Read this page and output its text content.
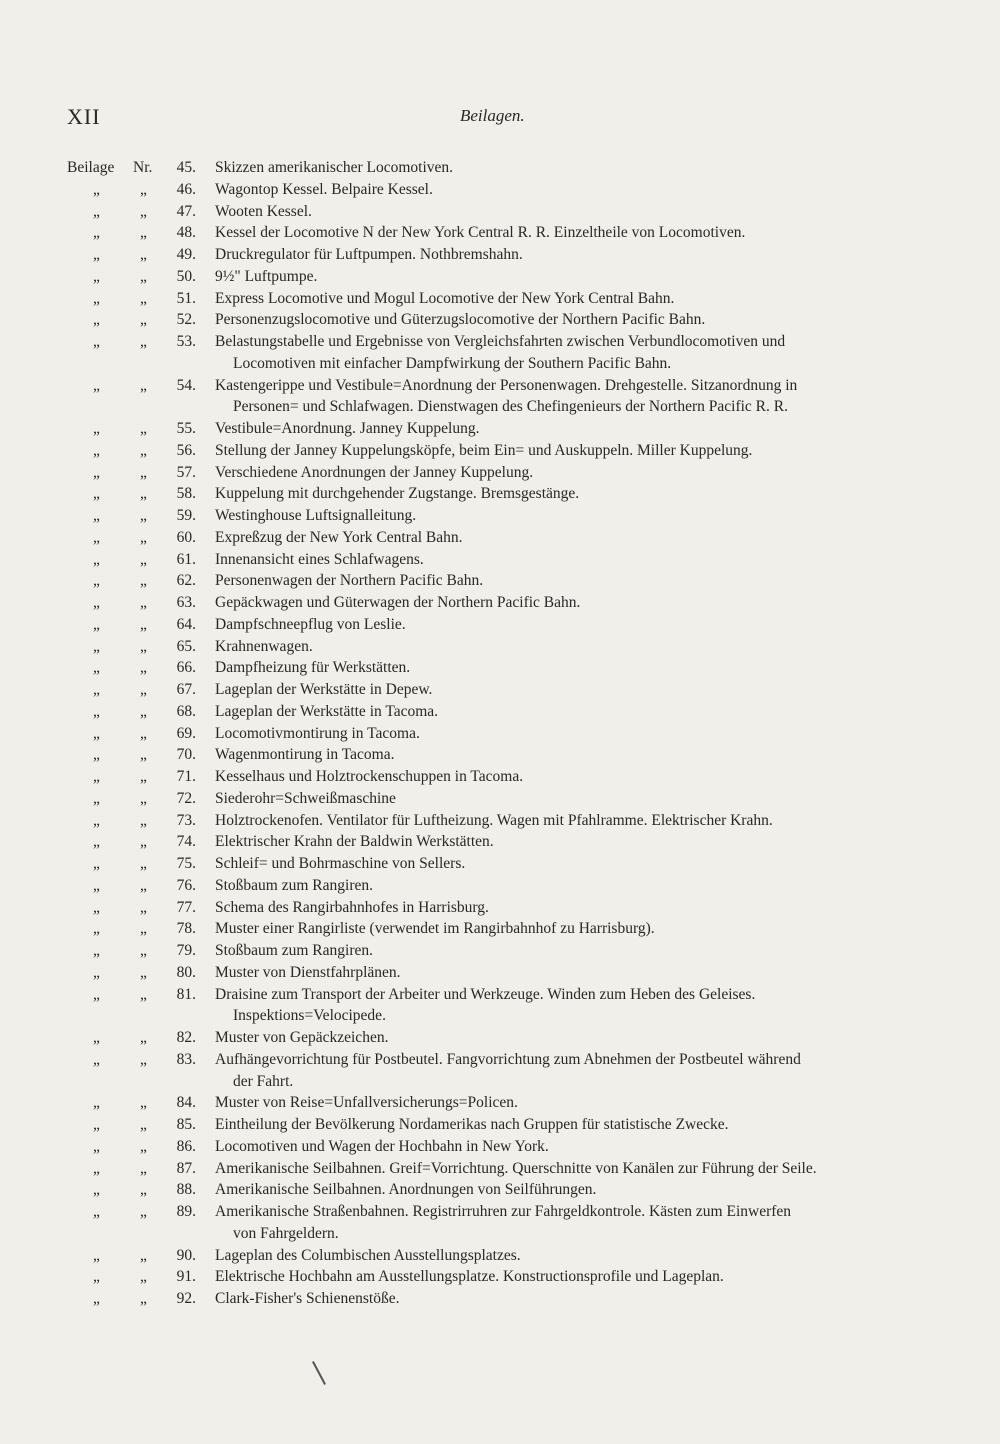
XII	Beilagen.
Beilage Nr.	45. Skizzen amerikanischer Locomotiven.
„	„	46. Wagontop Kessel. Belpaire Kessel.
„	„	47. Wooten Kessel.
„	„	48. Kessel der Locomotive N der New York Central R. R. Einzeltheile von Locomotiven.
„	„	49. Druckregulator für Luftpumpen. Nothbremshahn.
„	„	50. 9½" Luftpumpe.
„	„	51. Express Locomotive und Mogul Locomotive der New York Central Bahn.
„	„	52. Personenzugslocomotive und Güterzugslocomotive der Northern Pacific Bahn.
„	„	53. Belastungstabelle und Ergebnisse von Vergleichsfahrten zwischen Verbundlocomotiven und
Locomotiven mit einfacher Dampfwirkung der Southern Pacific Bahn.
„	„	54. Kastengerippe und Vestibule=Anordnung der Personenwagen. Drehgestelle. Sitzanordnung in
Personen= und Schlafwagen. Dienstwagen des Chefingenieurs der Northern Pacific R. R.
„	„	55. Vestibule=Anordnung. Janney Kuppelung.
„	„	56. Stellung der Janney Kuppelungsköpfe, beim Ein= und Auskuppeln. Miller Kuppelung.
„	„	57. Verschiedene Anordnungen der Janney Kuppelung.
„	„	58. Kuppelung mit durchgehender Zugstange. Bremsgestänge.
„	„	59. Westinghouse Luftsignalleitung.
„	„	60. Expreßzug der New York Central Bahn.
„	„	61. Innenansicht eines Schlafwagens.
„	„	62. Personenwagen der Northern Pacific Bahn.
„	„	63. Gepäckwagen und Güterwagen der Northern Pacific Bahn.
„	„	64. Dampfschneepflug von Leslie.
„	„	65. Krahnenwagen.
„	„	66. Dampfheizung für Werkstätten.
„	„	67. Lageplan der Werkstätte in Depew.
„	„	68. Lageplan der Werkstätte in Tacoma.
„	„	69. Locomotivmontirung in Tacoma.
„	„	70. Wagenmontirung in Tacoma.
„	„	71. Kesselhaus und Holztrockenschuppen in Tacoma.
„	„	72. Siederohr=Schweißmaschine
„	„	73. Holztrockenofen. Ventilator für Luftheizung. Wagen mit Pfahlramme. Elektrischer Krahn.
„	„	74. Elektrischer Krahn der Baldwin Werkstätten.
„	„	75. Schleif= und Bohrmaschine von Sellers.
„	„	76. Stoßbaum zum Rangiren.
„	„	77. Schema des Rangirbahnhofes in Harrisburg.
„	„	78. Muster einer Rangirliste (verwendet im Rangirbahnhof zu Harrisburg).
„	„	79. Stoßbaum zum Rangiren.
„	„	80. Muster von Dienstfahrplänen.
„	„	81. Draisine zum Transport der Arbeiter und Werkzeuge. Winden zum Heben des Geleises.
Inspektions=Velocipede.
„	„	82. Muster von Gepäckzeichen.
„	„	83. Aufhängevorrichtung für Postbeutel. Fangvorrichtung zum Abnehmen der Postbeutel während
der Fahrt.
„	„	84. Muster von Reise=Unfallversicherungs=Policen.
„	„	85. Eintheilung der Bevölkerung Nordamerikas nach Gruppen für statistische Zwecke.
„	„	86. Locomotiven und Wagen der Hochbahn in New York.
„	„	87. Amerikanische Seilbahnen. Greif=Vorrichtung. Querschnitte von Kanälen zur Führung der Seile.
„	„	88. Amerikanische Seilbahnen. Anordnungen von Seilführungen.
„	„	89. Amerikanische Straßenbahnen. Registrirruhren zur Fahrgeldkontrole. Kästen zum Einwerfen
von Fahrgeldern.
„	„	90. Lageplan des Columbischen Ausstellungsplatzes.
„	„	91. Elektrische Hochbahn am Ausstellungsplatze. Konstructionsprofile und Lageplan.
„	„	92. Clark-Fisher's Schienenstöße.
